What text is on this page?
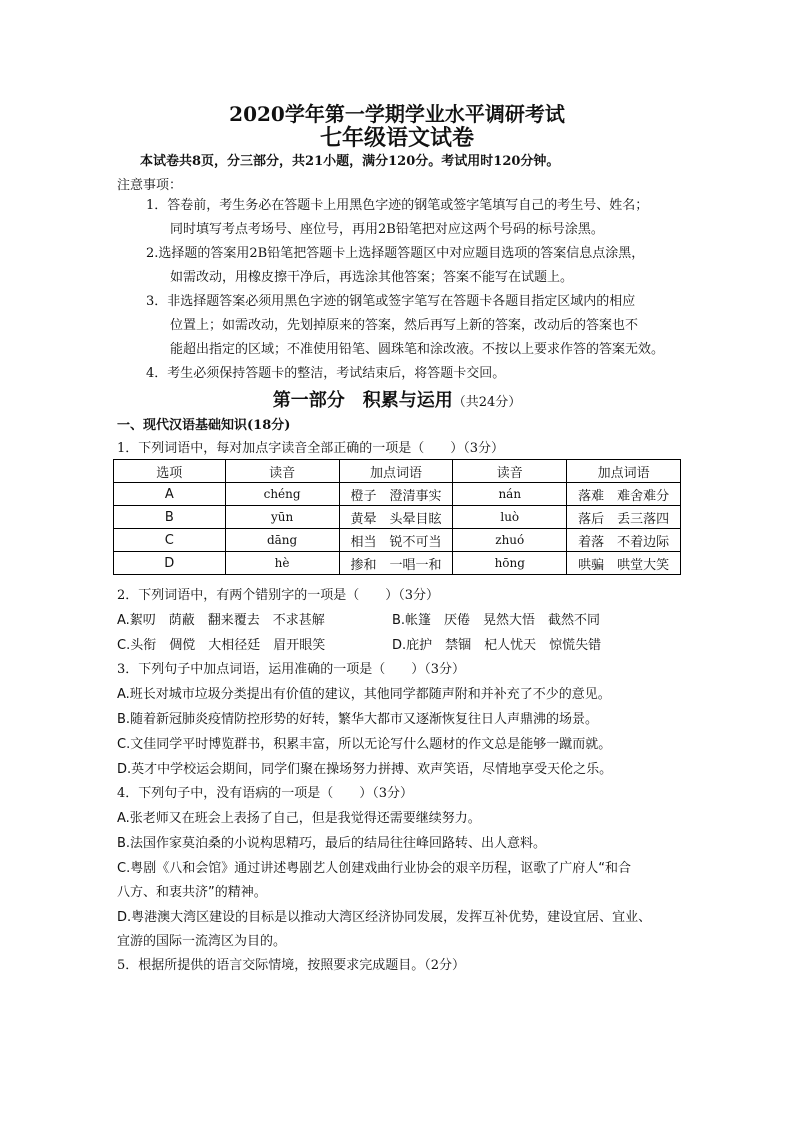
2020学年第一学期学业水平调研考试
七年级语文试卷
本试卷共8页，分三部分，共21小题，满分120分。考试用时120分钟。
注意事项：
1．答卷前，考生务必在答题卡上用黑色字迹的钢笔或签字笔填写自己的考生号、姓名；
同时填写考点考场号、座位号，再用2B铅笔把对应这两个号码的标号涂黑。
2.选择题的答案用2B铅笔把答题卡上选择题答题区中对应题目选项的答案信息点涂黑，
如需改动，用橡皮擦干净后，再选涂其他答案；答案不能写在试题上。
3．非选择题答案必须用黑色字迹的钢笔或签字笔写在答题卡各题目指定区域内的相应
位置上；如需改动，先划掉原来的答案，然后再写上新的答案，改动后的答案也不
能超出指定的区域；不准使用铅笔、圆珠笔和涂改液。不按以上要求作答的答案无效。
4．考生必须保持答题卡的整洁，考试结束后，将答题卡交回。
第一部分　积累与运用（共24分）
一、现代汉语基础知识(18分)
1．下列词语中，每对加点字读音全部正确的一项是（　　）（3分）
选项	读音	加点词语	读音	加点词语
A	chéng	橙子　澄清事实	nán	落难　难舍难分
B	yūn	黄晕　头晕目眩	luò	落后　丢三落四
C	dāng	相当　锐不可当	zhuó	着落　不着边际
D	hè	掺和　一唱一和	hōng	哄骗　哄堂大笑
2．下列词语中，有两个错别字的一项是（　　）（3分）
A.絮叨　荫蔽　翻来覆去　不求甚解	B.帐篷　厌倦　晃然大悟　截然不同
C.头衔　倜傥　大相径廷　眉开眼笑	D.庇护　禁锢　杞人忧天　惊慌失错
3．下列句子中加点词语，运用准确的一项是（　　）（3分）
A.班长对城市垃圾分类提出有价值的建议，其他同学都随声附和并补充了不少的意见。
B.随着新冠肺炎疫情防控形势的好转，繁华大都市又逐渐恢复往日人声鼎沸的场景。
C.文佳同学平时博览群书，积累丰富，所以无论写什么题材的作文总是能够一蹴而就。
D.英才中学校运会期间，同学们聚在操场努力拼搏、欢声笑语，尽情地享受天伦之乐。
4．下列句子中，没有语病的一项是（　　）（3分）
A.张老师又在班会上表扬了自己，但是我觉得还需要继续努力。
B.法国作家莫泊桑的小说构思精巧，最后的结局往往峰回路转、出人意料。
C.粤剧《八和会馆》通过讲述粤剧艺人创建戏曲行业协会的艰辛历程，讴歌了广府人“和合
八方、和衷共济”的精神。
D.粤港澳大湾区建设的目标是以推动大湾区经济协同发展，发挥互补优势，建设宜居、宜业、
宜游的国际一流湾区为目的。
5．根据所提供的语言交际情境，按照要求完成题目。（2分）
